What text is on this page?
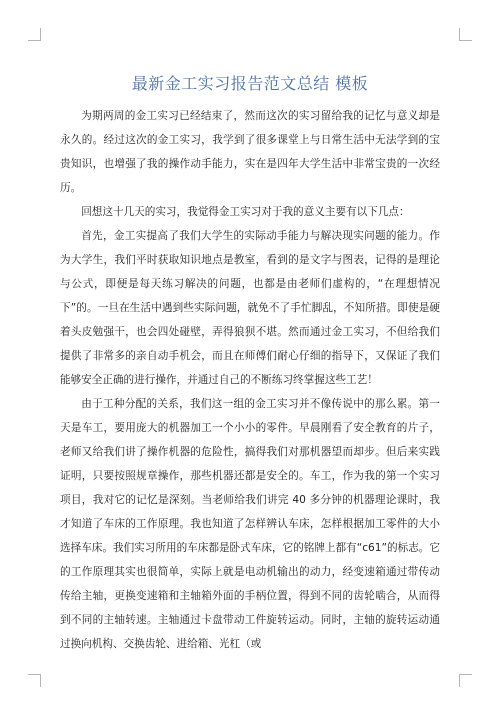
最新金工实习报告范文总结 模板

为期两周的金工实习已经结束了，然而这次的实习留给我的记忆与意义却是永久的。经过这次的金工实习，我学到了很多课堂上与日常生活中无法学到的宝贵知识，也增强了我的操作动手能力，实在是四年大学生活中非常宝贵的一次经历。

回想这十几天的实习，我觉得金工实习对于我的意义主要有以下几点：

首先，金工实提高了我们大学生的实际动手能力与解决现实问题的能力。作为大学生，我们平时获取知识地点是教室，看到的是文字与图表，记得的是理论与公式，即便是每天练习解决的问题，也都是由老师们虚构的，“在理想情况下”的。一旦在生活中遇到些实际问题，就免不了手忙脚乱，不知所措。即使是硬着头皮勉强干，也会四处碰壁，弄得狼狈不堪。然而通过金工实习，不但给我们提供了非常多的亲自动手机会，而且在师傅们耐心仔细的指导下，又保证了我们能够安全正确的进行操作，并通过自己的不断练习终掌握这些工艺！

由于工种分配的关系，我们这一组的金工实习并不像传说中的那么累。第一天是车工，要用庞大的机器加工一个小小的零件。早晨刚看了安全教育的片子，老师又给我们讲了操作机器的危险性，搞得我们对那机器望而却步。但后来实践证明，只要按照规章操作，那些机器还都是安全的。车工，作为我的第一个实习项目，我对它的记忆是深刻。当老师给我们讲完 40 多分钟的机器理论课时，我才知道了车床的工作原理。我也知道了怎样辨认车床，怎样根据加工零件的大小选择车床。我们实习所用的车床都是卧式车床，它的铭牌上都有“c61”的标志。它的工作原理其实也很简单，实际上就是电动机输出的动力，经变速箱通过带传动传给主轴，更换变速箱和主轴箱外面的手柄位置，得到不同的齿轮啮合，从而得到不同的主轴转速。主轴通过卡盘带动工件旋转运动。同时，主轴的旋转运动通过换向机构、交换齿轮、进给箱、光杠（或
